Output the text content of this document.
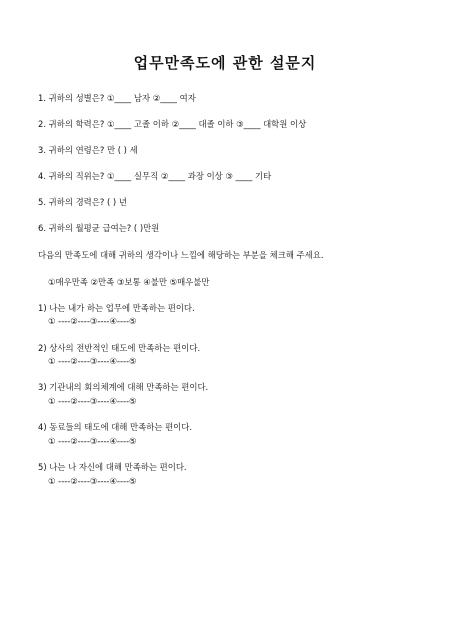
업무만족도에 관한 설문지
1. 귀하의 성별은? ①____ 남자 ②____ 여자
2. 귀하의 학력은? ①____ 고졸 이하 ②____ 대졸 이하 ③____ 대학원 이상
3. 귀하의 연령은? 만 ( ) 세
4. 귀하의 직위는? ①____ 실무직 ②____ 과장 이상 ③ ____ 기타
5. 귀하의 경력은? ( ) 년
6. 귀하의 월평균 급여는? ( )만원
다음의 만족도에 대해 귀하의 생각이나 느낌에 해당하는 부분을 체크해 주세요.
①매우만족 ②만족 ③보통 ④불만 ⑤매우불만
1) 나는 내가 하는 업무에 만족하는 편이다.
① ----②----③----④----⑤
2) 상사의 전반적인 태도에 만족하는 편이다.
① ----②----③----④----⑤
3) 기관내의 회의체계에 대해 만족하는 편이다.
① ----②----③----④----⑤
4) 동료들의 태도에 대해 만족하는 편이다.
① ----②----③----④----⑤
5) 나는 나 자신에 대해 만족하는 편이다.
① ----②----③----④----⑤
